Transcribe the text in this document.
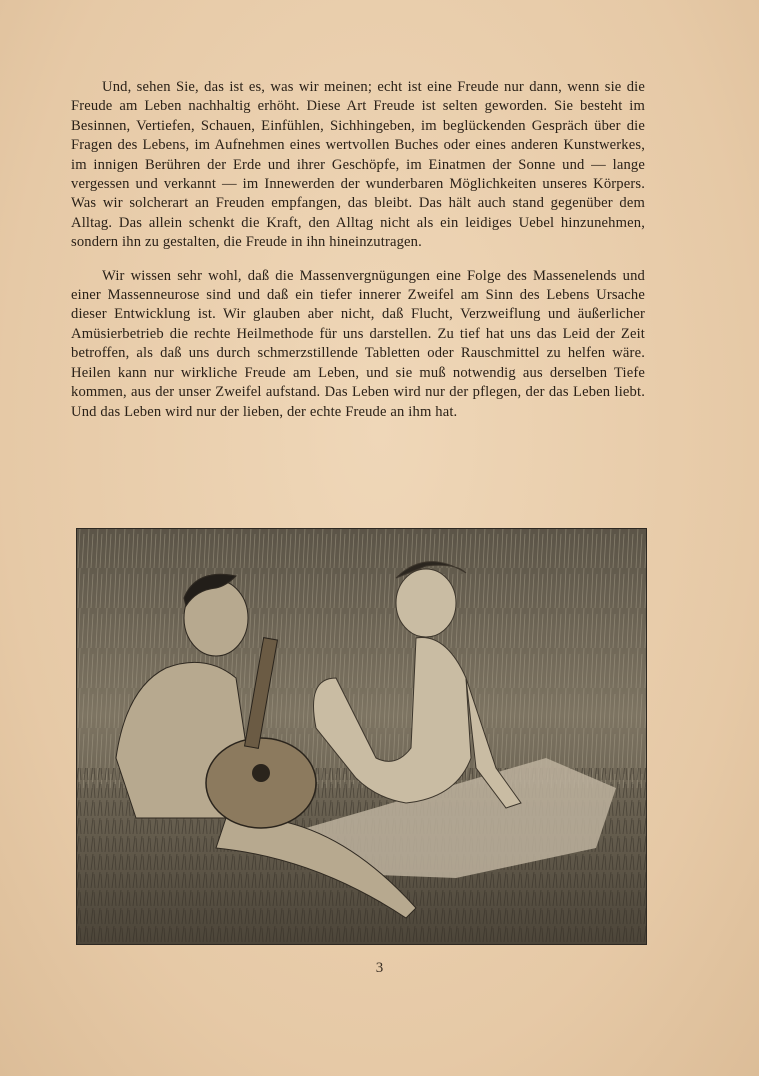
Und, sehen Sie, das ist es, was wir meinen; echt ist eine Freude nur dann, wenn sie die Freude am Leben nachhaltig erhöht. Diese Art Freude ist selten geworden. Sie besteht im Besinnen, Vertiefen, Schauen, Einfühlen, Sichhingeben, im beglückenden Gespräch über die Fragen des Lebens, im Aufnehmen eines wertvollen Buches oder eines anderen Kunstwerkes, im innigen Berühren der Erde und ihrer Geschöpfe, im Einatmen der Sonne und — lange vergessen und verkannt — im Innewerden der wunderbaren Möglichkeiten unseres Körpers. Was wir solcherart an Freuden empfangen, das bleibt. Das hält auch stand gegenüber dem Alltag. Das allein schenkt die Kraft, den Alltag nicht als ein leidiges Uebel hinzunehmen, sondern ihn zu gestalten, die Freude in ihn hineinzutragen.

Wir wissen sehr wohl, daß die Massenvergnügungen eine Folge des Massenelends und einer Massenneurose sind und daß ein tiefer innerer Zweifel am Sinn des Lebens Ursache dieser Entwicklung ist. Wir glauben aber nicht, daß Flucht, Verzweiflung und äußerlicher Amüsierbetrieb die rechte Heilmethode für uns darstellen. Zu tief hat uns das Leid der Zeit betroffen, als daß uns durch schmerzstillende Tabletten oder Rauschmittel zu helfen wäre. Heilen kann nur wirkliche Freude am Leben, und sie muß notwendig aus derselben Tiefe kommen, aus der unser Zweifel aufstand. Das Leben wird nur der pflegen, der das Leben liebt. Und das Leben wird nur der lieben, der echte Freude an ihm hat.

3
